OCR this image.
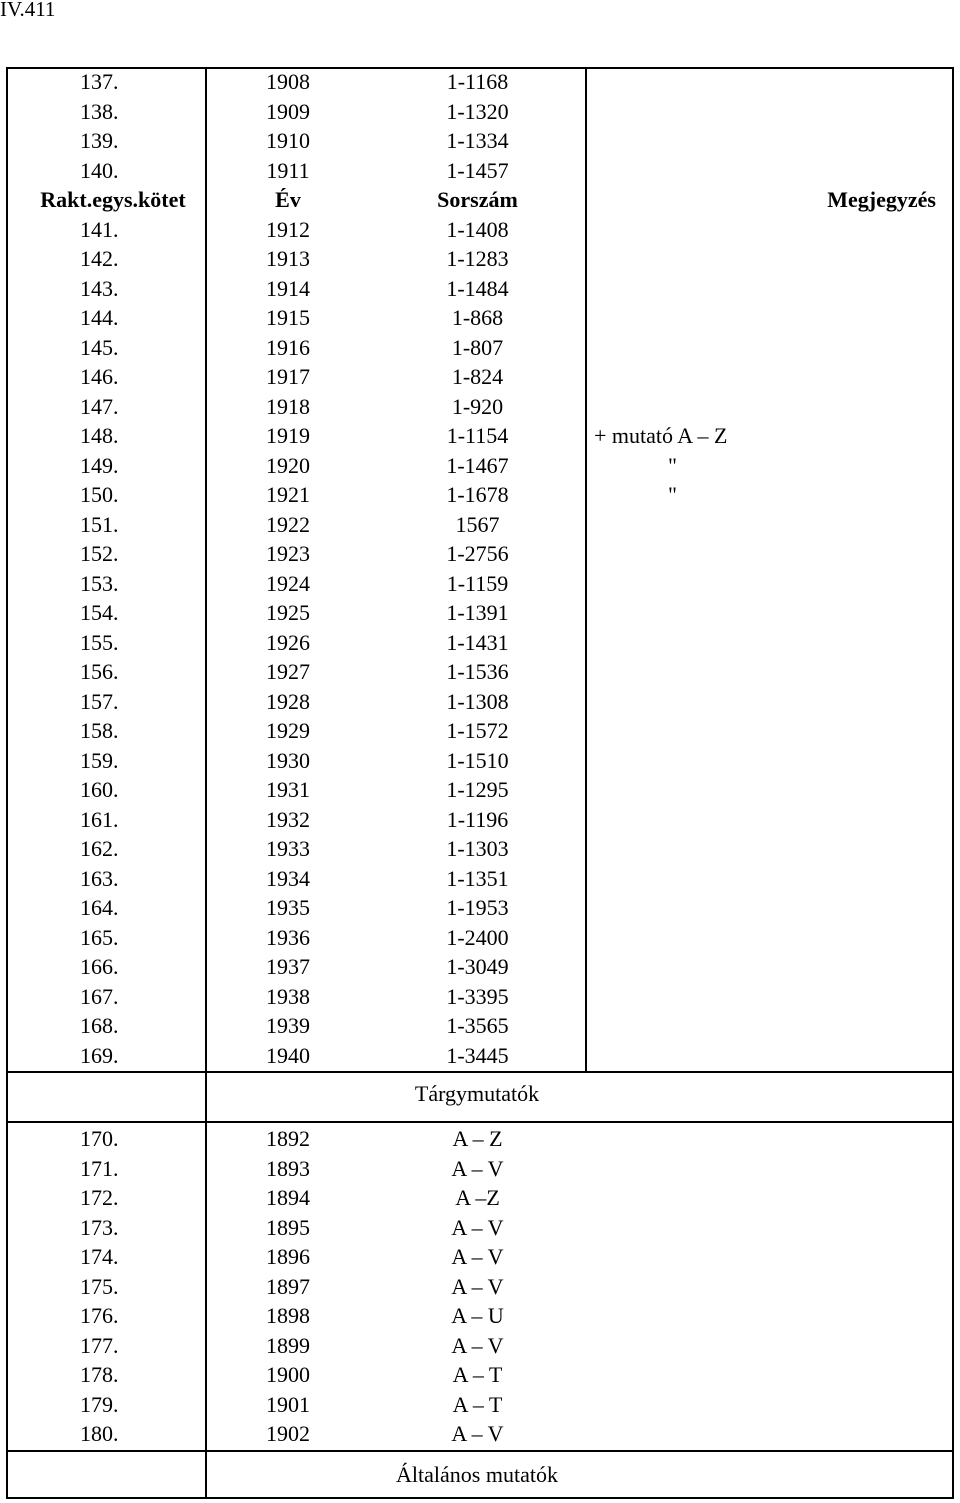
IV.411
137.	1908	1-1168
138.	1909	1-1320
139.	1910	1-1334
140.	1911	1-1457
Rakt.egys.kötet	Év	Sorszám	Megjegyzés
141.	1912	1-1408
142.	1913	1-1283
143.	1914	1-1484
144.	1915	1-868
145.	1916	1-807
146.	1917	1-824
147.	1918	1-920
148.	1919	1-1154	+ mutató A – Z
149.	1920	1-1467	"
150.	1921	1-1678	"
151.	1922	1567
152.	1923	1-2756
153.	1924	1-1159
154.	1925	1-1391
155.	1926	1-1431
156.	1927	1-1536
157.	1928	1-1308
158.	1929	1-1572
159.	1930	1-1510
160.	1931	1-1295
161.	1932	1-1196
162.	1933	1-1303
163.	1934	1-1351
164.	1935	1-1953
165.	1936	1-2400
166.	1937	1-3049
167.	1938	1-3395
168.	1939	1-3565
169.	1940	1-3445
Tárgymutatók
170.	1892	A – Z
171.	1893	A – V
172.	1894	A –Z
173.	1895	A – V
174.	1896	A – V
175.	1897	A – V
176.	1898	A – U
177.	1899	A – V
178.	1900	A – T
179.	1901	A – T
180.	1902	A – V
Általános mutatók
